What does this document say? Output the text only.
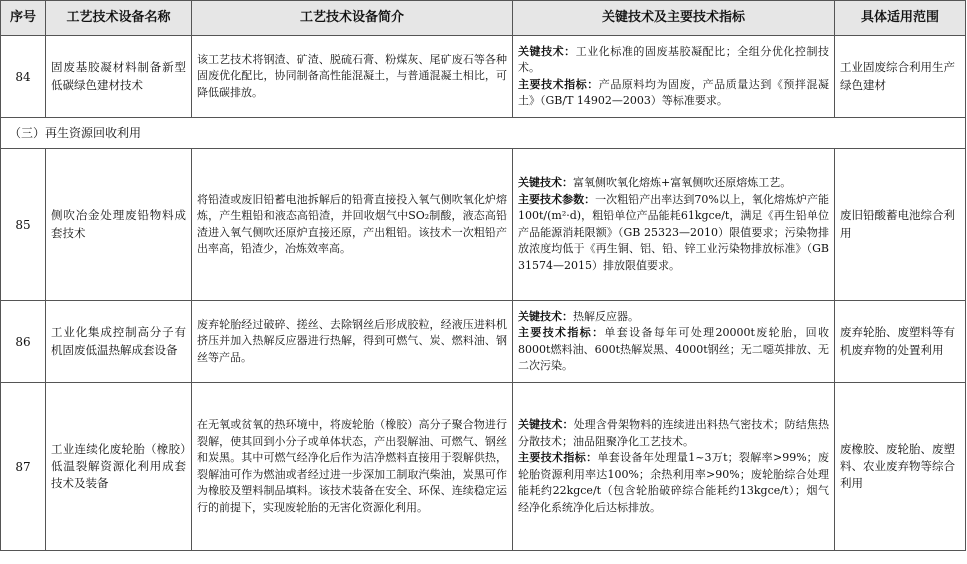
序号	工艺技术设备名称	工艺技术设备简介	关键技术及主要技术指标	具体适用范围
84	固废基胶凝材料制备新型低碳绿色建材技术	该工艺技术将钢渣、矿渣、脱硫石膏、粉煤灰、尾矿废石等各种固废优化配比，协同制备高性能混凝土，与普通混凝土相比，可降低碳排放。	关键技术：工业化标准的固废基胶凝配比；全组分优化控制技术。
主要技术指标：产品原料均为固废，产品质量达到《预拌混凝土》（GB/T 14902—2003）等标准要求。	工业固废综合利用生产绿色建材
（三）再生资源回收利用				
85	侧吹冶金处理废铅物料成套技术	将铅渣或废旧铅蓄电池拆解后的铅膏直接投入氧气侧吹氧化炉熔炼，产生粗铅和液态高铅渣，并回收烟气中SO₂制酸，液态高铅渣进入氧气侧吹还原炉直接还原，产出粗铅。该技术一次粗铅产出率高，铅渣少，冶炼效率高。	关键技术：富氧侧吹氧化熔炼+富氧侧吹还原熔炼工艺。
主要技术参数：一次粗铅产出率达到70%以上，氧化熔炼炉产能100t/(m²·d)，粗铅单位产品能耗61kgce/t，满足《再生铅单位产品能源消耗限额》（GB 25323—2010）限值要求；污染物排放浓度均低于《再生铜、铝、铅、锌工业污染物排放标准》（GB 31574—2015）排放限值要求。	废旧铅酸蓄电池综合利用
86	工业化集成控制高分子有机固废低温热解成套设备	废弃轮胎经过破碎、搓丝、去除钢丝后形成胶粒，经液压进料机挤压并加入热解反应器进行热解，得到可燃气、炭、燃料油、钢丝等产品。	关键技术：热解反应器。
主要技术指标：单套设备每年可处理20000t废轮胎，回收8000t燃料油、600t热解炭黑、4000t钢丝；无二噁英排放、无二次污染。	废弃轮胎、废塑料等有机废弃物的处置利用
87	工业连续化废轮胎（橡胶）低温裂解资源化利用成套技术及装备	在无氧或贫氧的热环境中，将废轮胎（橡胶）高分子聚合物进行裂解，使其回到小分子或单体状态，产出裂解油、可燃气、钢丝和炭黑。其中可燃气经净化后作为洁净燃料直接用于裂解供热，裂解油可作为燃油或者经过进一步深加工制取汽柴油，炭黑可作为橡胶及塑料制品填料。该技术装备在安全、环保、连续稳定运行的前提下，实现废轮胎的无害化资源化利用。	关键技术：处理含骨架物料的连续进出料热气密技术；防结焦热分散技术；油品阻聚净化工艺技术。
主要技术指标：单套设备年处理量1~3万t；裂解率>99%；废轮胎资源利用率达100%；余热利用率>90%；废轮胎综合处理能耗约22kgce/t（包含轮胎破碎综合能耗约13kgce/t）；烟气经净化系统净化后达标排放。	废橡胶、废轮胎、废塑料、农业废弃物等综合利用
